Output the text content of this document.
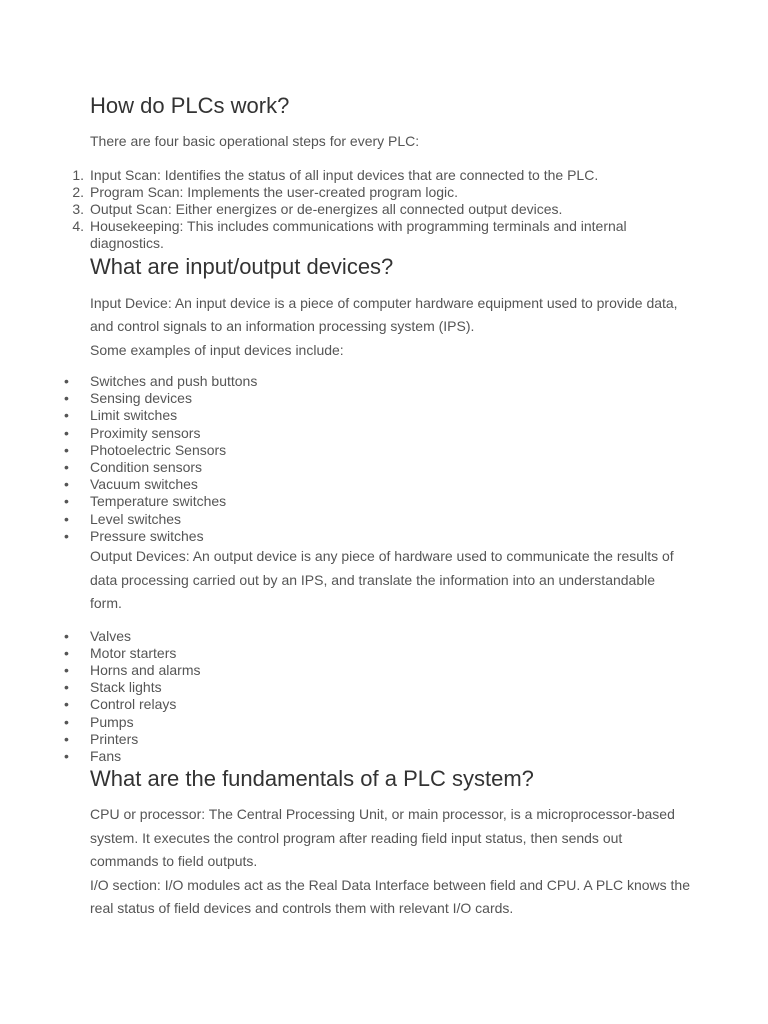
How do PLCs work?

There are four basic operational steps for every PLC:

1. Input Scan: Identifies the status of all input devices that are connected to the PLC.
2. Program Scan: Implements the user-created program logic.
3. Output Scan: Either energizes or de-energizes all connected output devices.
4. Housekeeping: This includes communications with programming terminals and internal diagnostics.
What are input/output devices?

Input Device: An input device is a piece of computer hardware equipment used to provide data, and control signals to an information processing system (IPS).
Some examples of input devices include:

• Switches and push buttons
• Sensing devices
• Limit switches
• Proximity sensors
• Photoelectric Sensors
• Condition sensors
• Vacuum switches
• Temperature switches
• Level switches
• Pressure switches

Output Devices: An output device is any piece of hardware used to communicate the results of data processing carried out by an IPS, and translate the information into an understandable form.

• Valves
• Motor starters
• Horns and alarms
• Stack lights
• Control relays
• Pumps
• Printers
• Fans
What are the fundamentals of a PLC system?

CPU or processor: The Central Processing Unit, or main processor, is a microprocessor-based system. It executes the control program after reading field input status, then sends out commands to field outputs.
I/O section: I/O modules act as the Real Data Interface between field and CPU. A PLC knows the real status of field devices and controls them with relevant I/O cards.
